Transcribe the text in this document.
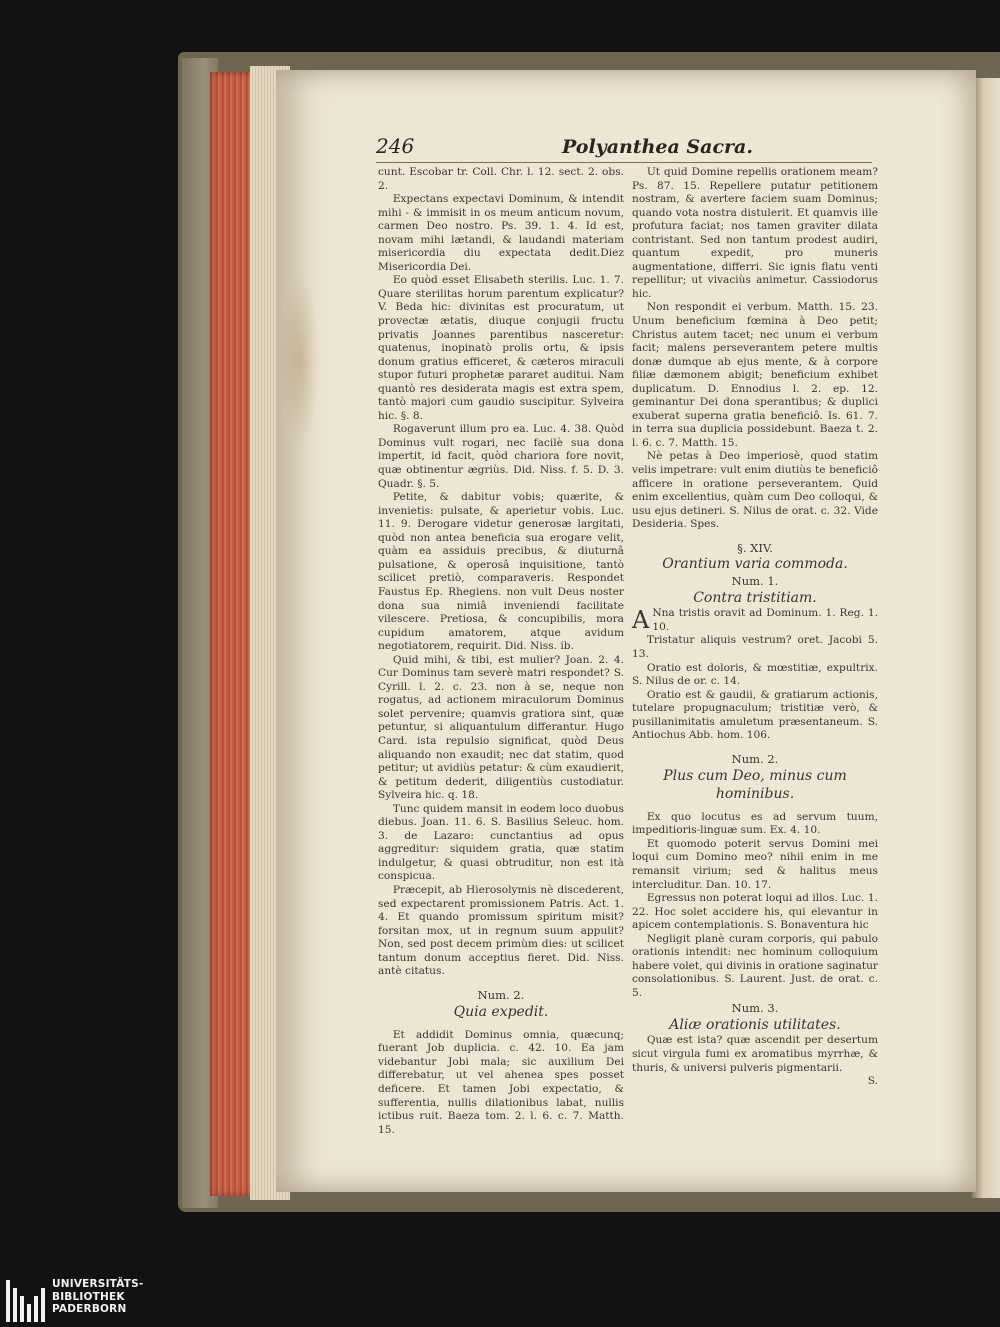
246	Polyanthea Sacra.

cunt. Escobar tr. Coll. Chr. l. 12. sect. 2. obs. 2.

Expectans expectavi Dominum, & intendit mihi - & immisit in os meum anticum novum, carmen Deo nostro. Ps. 39. 1. 4. Id est, novam mihi lætandi, & laudandi materiam misericordia diu expectata dedit.Diez Misericordia Dei.

Eo quòd esset Elisabeth sterilis. Luc. 1. 7. Quare sterilitas horum parentum explicatur? V. Beda hic: divinitas est procuratum, ut provectæ ætatis, diuque conjugii fructu privatis Joannes parentibus nasceretur: quatenus, inopinatò prolis ortu, & ipsis donum gratius efficeret, & cæteros miraculi stupor futuri prophetæ pararet auditui. Nam quantò res desiderata magis est extra spem, tantò majori cum gaudio suscipitur. Sylveira hic. §. 8.

Rogaverunt illum pro ea. Luc. 4. 38. Quòd Dominus vult rogari, nec facilè sua dona impertit, id facit, quòd chariora fore novit, quæ obtinentur ægriùs. Did. Niss. f. 5. D. 3. Quadr. §. 5.

Petite, & dabitur vobis; quærite, & invenietis: pulsate, & aperietur vobis. Luc. 11. 9. Derogare videtur generosæ largitati, quòd non antea beneficia sua erogare velit, quàm ea assiduis precibus, & diuturnâ pulsatione, & operosâ inquisitione, tantò scilicet pretiò, comparaveris. Respondet Faustus Ep. Rhegiens. non vult Deus noster dona sua nimiâ inveniendi facilitate vilescere. Pretiosa, & concupibilis, mora cupidum amatorem, atque avidum negotiatorem, requirit. Did. Niss. ib.

Quid mihi, & tibi, est mulier? Joan. 2. 4. Cur Dominus tam severè matri respondet? S. Cyrill. l. 2. c. 23. non à se, neque non rogatus, ad actionem miraculorum Dominus solet pervenire; quamvis gratiora sint, quæ petuntur, si aliquantulum differantur. Hugo Card. ista repulsio significat, quòd Deus aliquando non exaudit; nec dat statim, quod petitur; ut avidiùs petatur: & cùm exaudierit, & petitum dederit, diligentiùs custodiatur. Sylveira hic. q. 18.

Tunc quidem mansit in eodem loco duobus diebus. Joan. 11. 6. S. Basilius Seleuc. hom. 3. de Lazaro: cunctantius ad opus aggreditur: siquidem gratia, quæ statim indulgetur, & quasi obtruditur, non est ità conspicua.

Præcepit, ab Hierosolymis nè discederent, sed expectarent promissionem Patris. Act. 1. 4. Et quando promissum spiritum misit? forsitan mox, ut in regnum suum appulit? Non, sed post decem primùm dies: ut scilicet tantum donum acceptius fieret. Did. Niss. antè citatus.

Num. 2.

Quia expedit.

Et addidit Dominus omnia, quæcunq; fuerant Job duplicia. c. 42. 10. Ea jam videbantur Jobi mala; sic auxilium Dei differebatur, ut vel ahenea spes posset deficere. Et tamen Jobi expectatio, & sufferentia, nullis dilationibus labat, nullis ictibus ruit. Baeza tom. 2. l. 6. c. 7. Matth. 15.

Ut quid Domine repellis orationem meam? Ps. 87. 15. Repellere putatur petitionem nostram, & avertere faciem suam Dominus; quando vota nostra distulerit. Et quamvis ille profutura faciat; nos tamen graviter dilata contristant. Sed non tantum prodest audiri, quantum expedit, pro muneris augmentatione, differri. Sic ignis flatu venti repellitur; ut vivaciùs animetur. Cassiodorus hic.

Non respondit ei verbum. Matth. 15. 23. Unum beneficium fœmina à Deo petit; Christus autem tacet; nec unum ei verbum facit; malens perseverantem petere multis donæ dumque ab ejus mente, & à corpore filiæ dæmonem abigit; beneficium exhibet duplicatum. D. Ennodius l. 2. ep. 12. geminantur Dei dona sperantibus; & duplici exuberat superna gratia beneficiô. Is. 61. 7. in terra sua duplicia possidebunt. Baeza t. 2. l. 6. c. 7. Matth. 15.

Nè petas à Deo imperiosè, quod statim velis impetrare: vult enim diutiùs te beneficiô afficere in oratione perseverantem. Quid enim excellentius, quàm cum Deo colloqui, & usu ejus detineri. S. Nilus de orat. c. 32. Vide Desideria. Spes.

§. XIV.

Orantium varia commoda.

Num. 1.

Contra tristitiam.

A Nna tristis oravit ad Dominum. 1. Reg. 1. 10.

Tristatur aliquis vestrum? oret. Jacobi 5. 13.

Oratio est doloris, & mœstitiæ, expultrix. S. Nilus de or. c. 14.

Oratio est & gaudii, & gratiarum actionis, tutelare propugnaculum; tristitiæ verò, & pusillanimitatis amuletum præsentaneum. S. Antiochus Abb. hom. 106.

Num. 2.

Plus cum Deo, minus cum hominibus.

Ex quo locutus es ad servum tuum, impeditioris-linguæ sum. Ex. 4. 10.

Et quomodo poterit servus Domini mei loqui cum Domino meo? nihil enim in me remansit virium; sed & halitus meus intercluditur. Dan. 10. 17.

Egressus non poterat loqui ad illos. Luc. 1. 22. Hoc solet accidere his, qui elevantur in apicem contemplationis. S. Bonaventura hic

Negligit planè curam corporis, qui pabulo orationis intendit: nec hominum colloquium habere volet, qui divinis in oratione saginatur consolationibus. S. Laurent. Just. de orat. c. 5.

Num. 3.

Aliæ orationis utilitates.

Quæ est ista? quæ ascendit per desertum sicut virgula fumi ex aromatibus myrrhæ, & thuris, & universi pulveris pigmentarii.

S.

UNIVERSITÄTS-
BIBLIOTHEK
PADERBORN
